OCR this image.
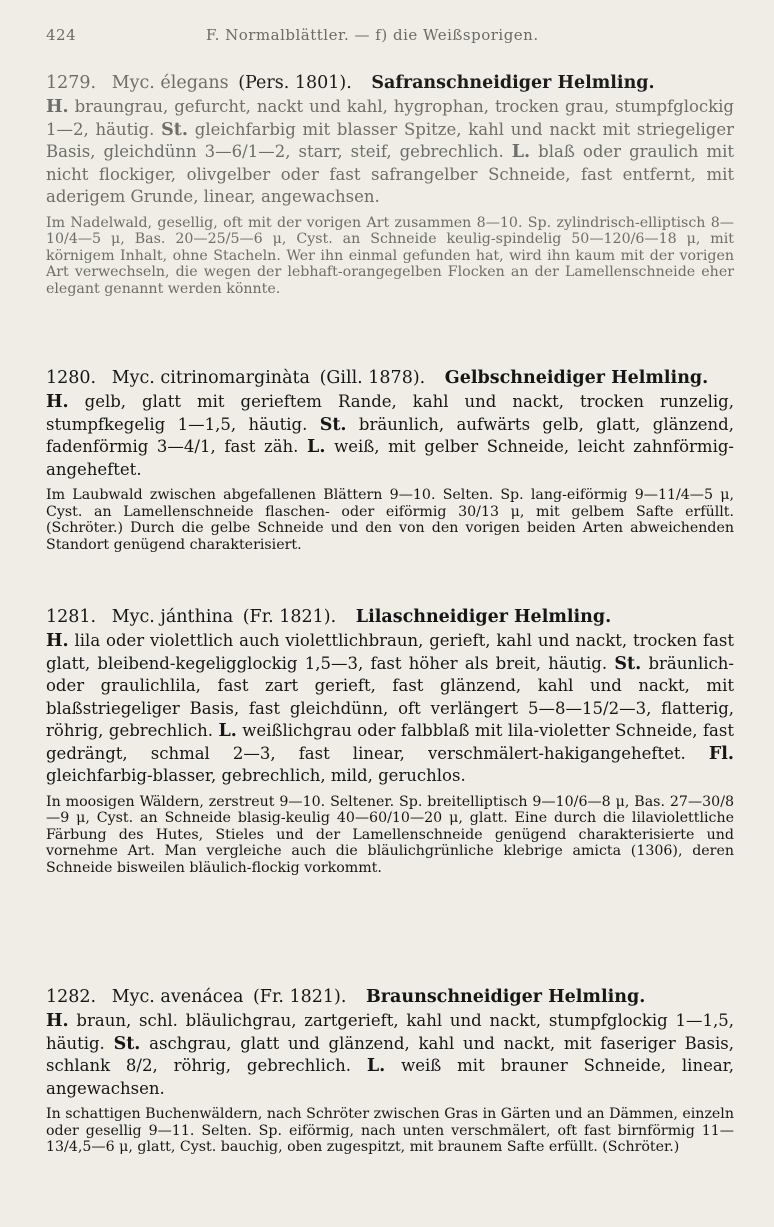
424	F. Normalblättler. — f) die Weißsporigen.

1279. Myc. élegans (Pers. 1801). Safranschneidiger Helmling.

H. braungrau, gefurcht, nackt und kahl, hygrophan, trocken grau, stumpfglockig 1—2, häutig. St. gleichfarbig mit blasser Spitze, kahl und nackt mit striegeliger Basis, gleichdünn 3—6/1—2, starr, steif, gebrechlich. L. blaß oder graulich mit nicht flockiger, olivgelber oder fast safrangelber Schneide, fast entfernt, mit aderigem Grunde, linear, angewachsen.

Im Nadelwald, gesellig, oft mit der vorigen Art zusammen 8—10. Sp. zylindrisch-elliptisch 8—10/4—5 μ, Bas. 20—25/5—6 μ, Cyst. an Schneide keulig-spindelig 50—120/6—18 μ, mit körnigem Inhalt, ohne Stacheln. Wer ihn einmal gefunden hat, wird ihn kaum mit der vorigen Art verwechseln, die wegen der lebhaft-orangegelben Flocken an der Lamellenschneide eher elegant genannt werden könnte.

1280. Myc. citrinomarginàta (Gill. 1878). Gelbschneidiger Helmling.

H. gelb, glatt mit gerieftem Rande, kahl und nackt, trocken runzelig, stumpfkegelig 1—1,5, häutig. St. bräunlich, aufwärts gelb, glatt, glänzend, fadenförmig 3—4/1, fast zäh. L. weiß, mit gelber Schneide, leicht zahnförmig-angeheftet.

Im Laubwald zwischen abgefallenen Blättern 9—10. Selten. Sp. lang-eiförmig 9—11/4—5 μ, Cyst. an Lamellenschneide flaschen- oder eiförmig 30/13 μ, mit gelbem Safte erfüllt. (Schröter.) Durch die gelbe Schneide und den von den vorigen beiden Arten abweichenden Standort genügend charakterisiert.

1281. Myc. jánthina (Fr. 1821). Lilaschneidiger Helmling.

H. lila oder violettlich auch violettlichbraun, gerieft, kahl und nackt, trocken fast glatt, bleibend-kegeligglockig 1,5—3, fast höher als breit, häutig. St. bräunlich- oder graulichlila, fast zart gerieft, fast glänzend, kahl und nackt, mit blaßstriegeliger Basis, fast gleichdünn, oft verlängert 5—8—15/2—3, flatterig, röhrig, gebrechlich. L. weißlichgrau oder falbblaß mit lila-violetter Schneide, fast gedrängt, schmal 2—3, fast linear, verschmälert-hakigangeheftet. Fl. gleichfarbig-blasser, gebrechlich, mild, geruchlos.

In moosigen Wäldern, zerstreut 9—10. Seltener. Sp. breitelliptisch 9—10/6—8 μ, Bas. 27—30/8—9 μ, Cyst. an Schneide blasig-keulig 40—60/10—20 μ, glatt. Eine durch die lilaviolettliche Färbung des Hutes, Stieles und der Lamellenschneide genügend charakterisierte und vornehme Art. Man vergleiche auch die bläulichgrünliche klebrige amicta (1306), deren Schneide bisweilen bläulich-flockig vorkommt.

1282. Myc. avenácea (Fr. 1821). Braunschneidiger Helmling.

H. braun, schl. bläulichgrau, zartgerieft, kahl und nackt, stumpfglockig 1—1,5, häutig. St. aschgrau, glatt und glänzend, kahl und nackt, mit faseriger Basis, schlank 8/2, röhrig, gebrechlich. L. weiß mit brauner Schneide, linear, angewachsen.

In schattigen Buchenwäldern, nach Schröter zwischen Gras in Gärten und an Dämmen, einzeln oder gesellig 9—11. Selten. Sp. eiförmig, nach unten verschmälert, oft fast birnförmig 11—13/4,5—6 μ, glatt, Cyst. bauchig, oben zugespitzt, mit braunem Safte erfüllt. (Schröter.)
